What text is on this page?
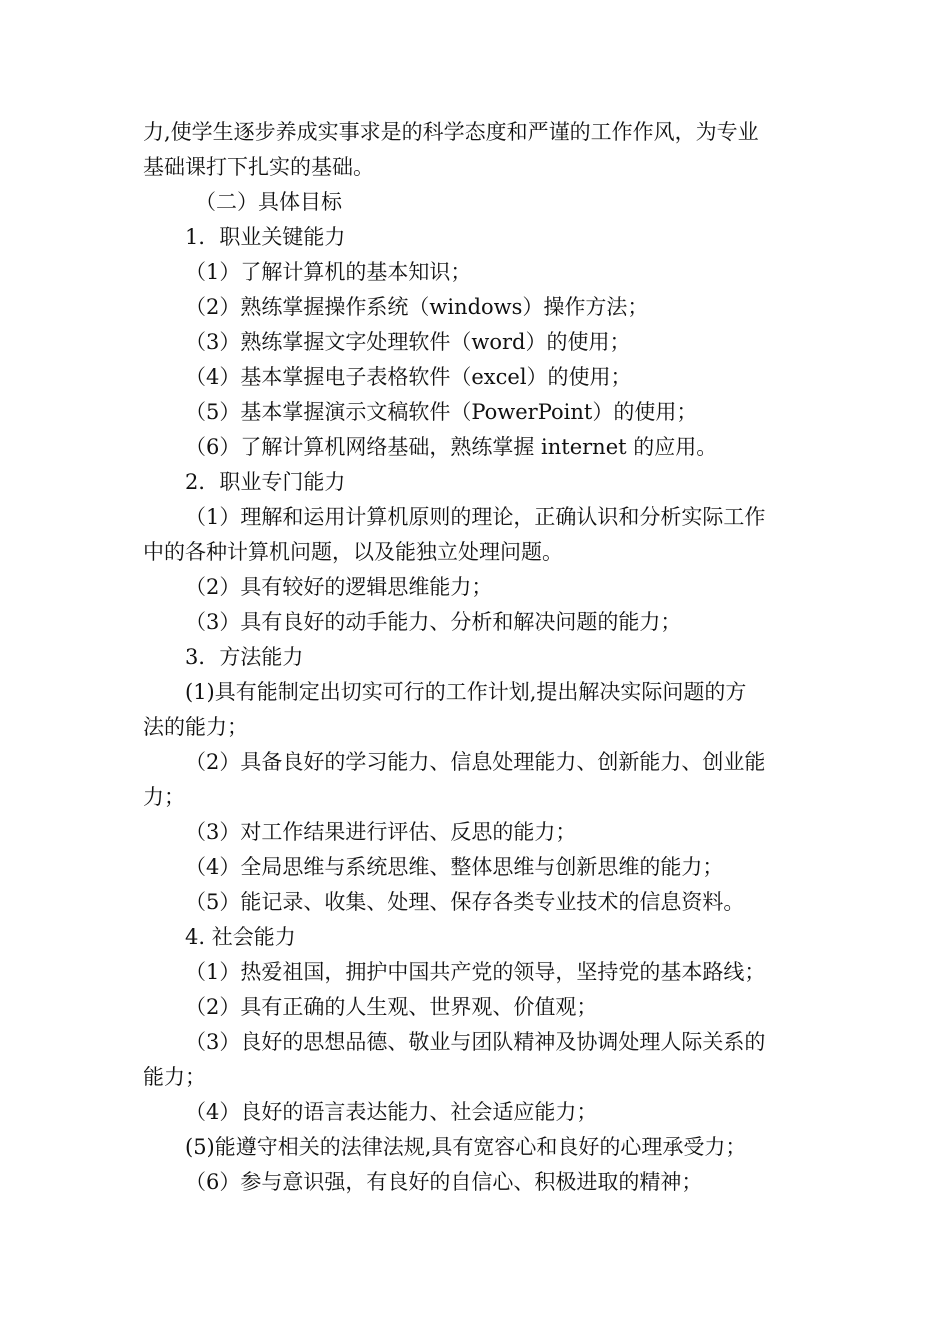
力,使学生逐步养成实事求是的科学态度和严谨的工作作风，为专业

基础课打下扎实的基础。

（二）具体目标

1．职业关键能力

（1）了解计算机的基本知识；

（2）熟练掌握操作系统（windows）操作方法；

（3）熟练掌握文字处理软件（word）的使用；

（4）基本掌握电子表格软件（excel）的使用；

（5）基本掌握演示文稿软件（PowerPoint）的使用；

（6）了解计算机网络基础，熟练掌握 internet 的应用。

2．职业专门能力

（1）理解和运用计算机原则的理论，正确认识和分析实际工作

中的各种计算机问题，以及能独立处理问题。

（2）具有较好的逻辑思维能力；

（3）具有良好的动手能力、分析和解决问题的能力；

3．方法能力

(1)具有能制定出切实可行的工作计划,提出解决实际问题的方

法的能力；

（2）具备良好的学习能力、信息处理能力、创新能力、创业能

力；

（3）对工作结果进行评估、反思的能力；

（4）全局思维与系统思维、整体思维与创新思维的能力；

（5）能记录、收集、处理、保存各类专业技术的信息资料。

4. 社会能力

（1）热爱祖国，拥护中国共产党的领导，坚持党的基本路线；

（2）具有正确的人生观、世界观、价值观；

（3）良好的思想品德、敬业与团队精神及协调处理人际关系的

能力；

（4）良好的语言表达能力、社会适应能力；

(5)能遵守相关的法律法规,具有宽容心和良好的心理承受力；

（6）参与意识强，有良好的自信心、积极进取的精神；
